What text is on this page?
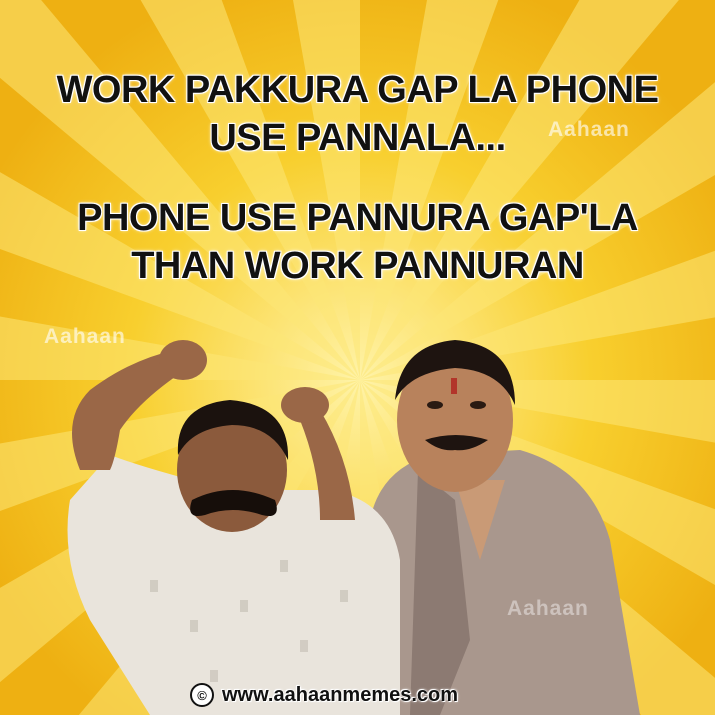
Aahaan
Aahaan
Aahaan
WORK PAKKURA GAP LA PHONE
USE PANNALA...
PHONE USE PANNURA GAP'LA
THAN WORK PANNURAN
© www.aahaanmemes.com
